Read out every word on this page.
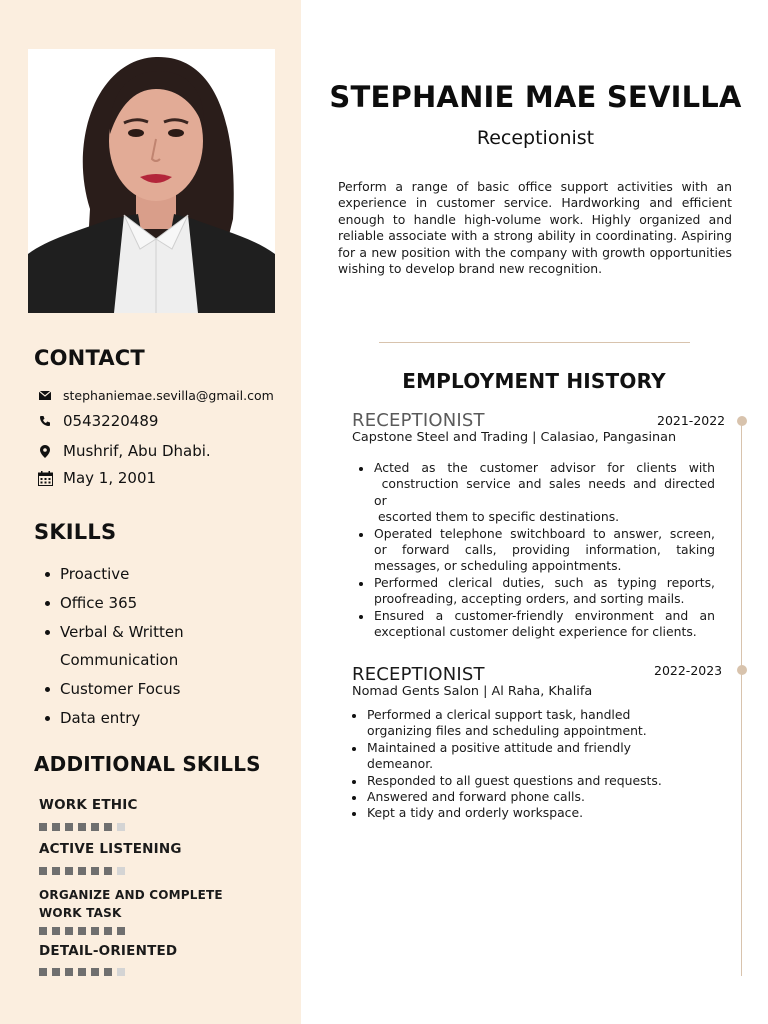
CONTACT
stephaniemae.sevilla@gmail.com
0543220489
Mushrif, Abu Dhabi.
May 1, 2001
SKILLS
Proactive
Office 365
Verbal & Written Communication
Customer Focus
Data entry
ADDITIONAL SKILLS
WORK ETHIC
ACTIVE LISTENING
ORGANIZE AND COMPLETE
WORK TASK
DETAIL-ORIENTED
STEPHANIE MAE SEVILLA
Receptionist
Perform a range of basic office support activities with an experience in customer service. Hardworking and efficient enough to handle high-volume work. Highly organized and reliable associate with a strong ability in coordinating. Aspiring for a new position with the company with growth opportunities wishing to develop brand new recognition.
EMPLOYMENT HISTORY
RECEPTIONIST	2021-2022
Capstone Steel and Trading | Calasiao, Pangasinan
Acted as the customer advisor for clients with
construction service and sales needs and directed
or
escorted them to specific destinations.
Operated telephone switchboard to answer, screen,
or forward calls, providing information, taking
messages, or scheduling appointments.
Performed clerical duties, such as typing reports,
proofreading, accepting orders, and sorting mails.
Ensured a customer-friendly environment and an
exceptional customer delight experience for clients.
RECEPTIONIST	2022-2023
Nomad Gents Salon | Al Raha, Khalifa
Performed a clerical support task, handled
organizing files and scheduling appointment.
Maintained a positive attitude and friendly
demeanor.
Responded to all guest questions and requests.
Answered and forward phone calls.
Kept a tidy and orderly workspace.
